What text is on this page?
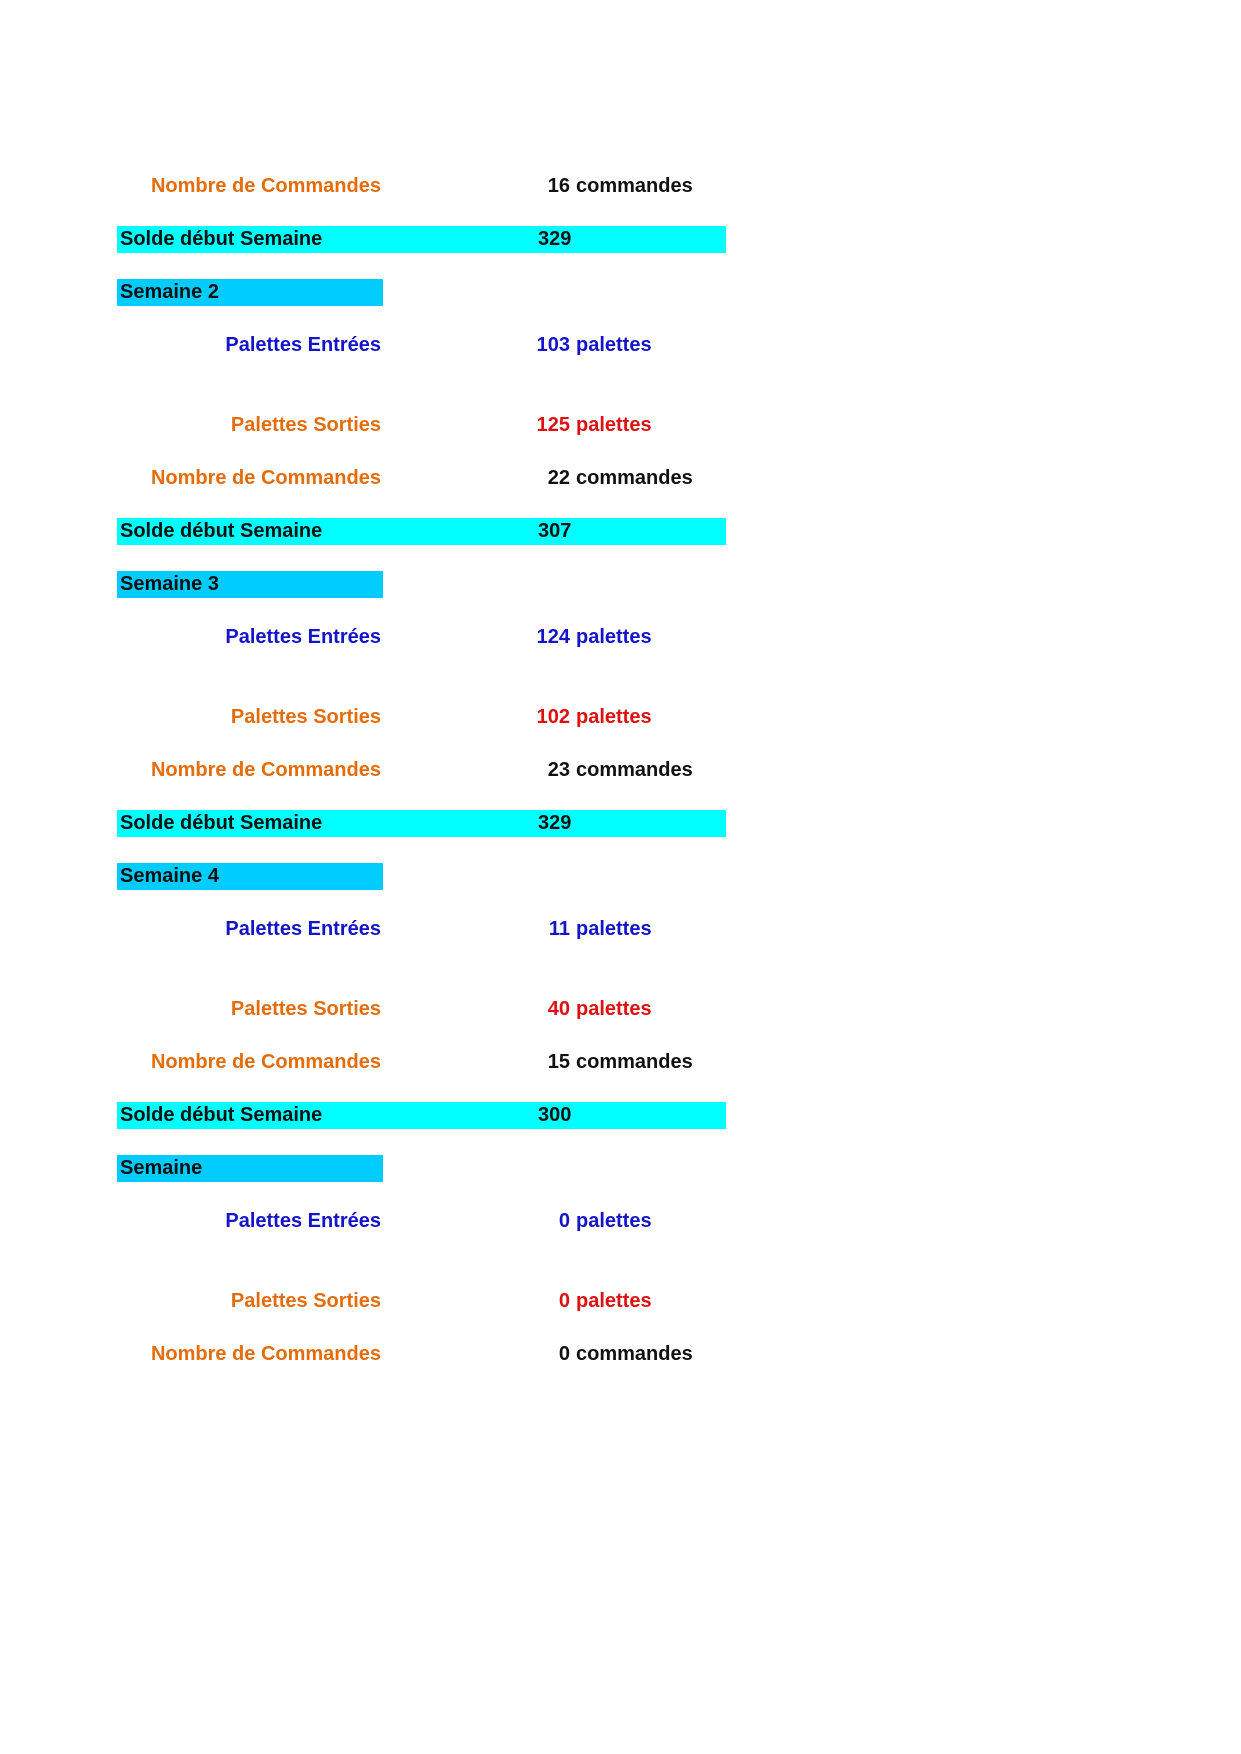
Nombre de Commandes	16 commandes
Solde début Semaine	329
Semaine 2
Palettes Entrées	103 palettes
Palettes Sorties	125 palettes
Nombre de Commandes	22 commandes
Solde début Semaine	307
Semaine 3
Palettes Entrées	124 palettes
Palettes Sorties	102 palettes
Nombre de Commandes	23 commandes
Solde début Semaine	329
Semaine 4
Palettes Entrées	11 palettes
Palettes Sorties	40 palettes
Nombre de Commandes	15 commandes
Solde début Semaine	300
Semaine
Palettes Entrées	0 palettes
Palettes Sorties	0 palettes
Nombre de Commandes	0 commandes
